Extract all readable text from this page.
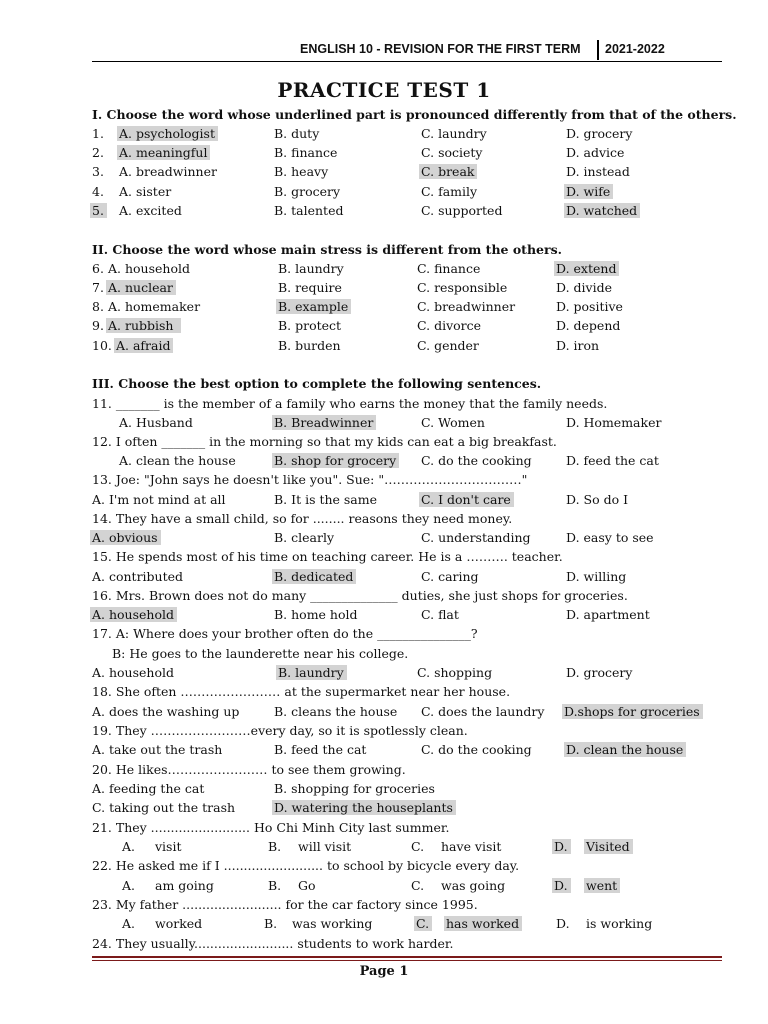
ENGLISH 10 - REVISION FOR THE FIRST TERM 2021-2022
PRACTICE TEST 1
I. Choose the word whose underlined part is pronounced differently from that of the others.
1. A. psychologist	B. duty	C. laundry	D. grocery
2. A. meaningful	B. finance	C. society	D. advice
3. A. breadwinner	B. heavy	C. break	D. instead
4. A. sister	B. grocery	C. family	D. wife
5. A. excited	B. talented	C. supported	D. watched
II. Choose the word whose main stress is different from the others.
6. A. household	B. laundry	C. finance	D. extend
7. A. nuclear	B. require	C. responsible	D. divide
8. A. homemaker	B. example	C. breadwinner	D. positive
9. A. rubbish	B. protect	C. divorce	D. depend
10. A. afraid	B. burden	C. gender	D. iron
III. Choose the best option to complete the following sentences.
11. _______ is the member of a family who earns the money that the family needs.
A. Husband	B. Breadwinner	C. Women	D. Homemaker
12. I often _______ in the morning so that my kids can eat a big breakfast.
A. clean the house	B. shop for grocery C. do the cooking	D. feed the cat
13. Joe: "John says he doesn't like you". Sue: "……………………………"
A. I'm not mind at all	B. It is the same	C. I don't care	D. So do I
14. They have a small child, so for ........ reasons they need money.
A. obvious	B. clearly	C. understanding	D. easy to see
15. He spends most of his time on teaching career. He is a ………. teacher.
A. contributed	B. dedicated	C. caring	D. willing
16. Mrs. Brown does not do many ______________ duties, she just shops for groceries.
A. household	B. home hold	C. flat	D. apartment
17. A: Where does your brother often do the _______________?
B: He goes to the launderette near his college.
A. household	B. laundry	C. shopping	D. grocery
18. She often …………………… at the supermarket near her house.
A. does the washing up	B. cleans the house C. does the laundry D.shops for groceries
19. They ……………………every day, so it is spotlessly clean.
A. take out the trash	B. feed the cat	C. do the cooking	D. clean the house
20. He likes…………………… to see them growing.
A. feeding the cat	B. shopping for groceries
C. taking out the trash	D. watering the houseplants
21. They ......................... Ho Chi Minh City last summer.
A. visit	B. will visit	C. have visit	D. Visited
22. He asked me if I ......................... to school by bicycle every day.
A. am going	B. Go	C. was going	D. went
23. My father ......................... for the car factory since 1995.
A. worked	B. was working	C. has worked	D. is working
24. They usually......................... students to work harder.
Page 1
